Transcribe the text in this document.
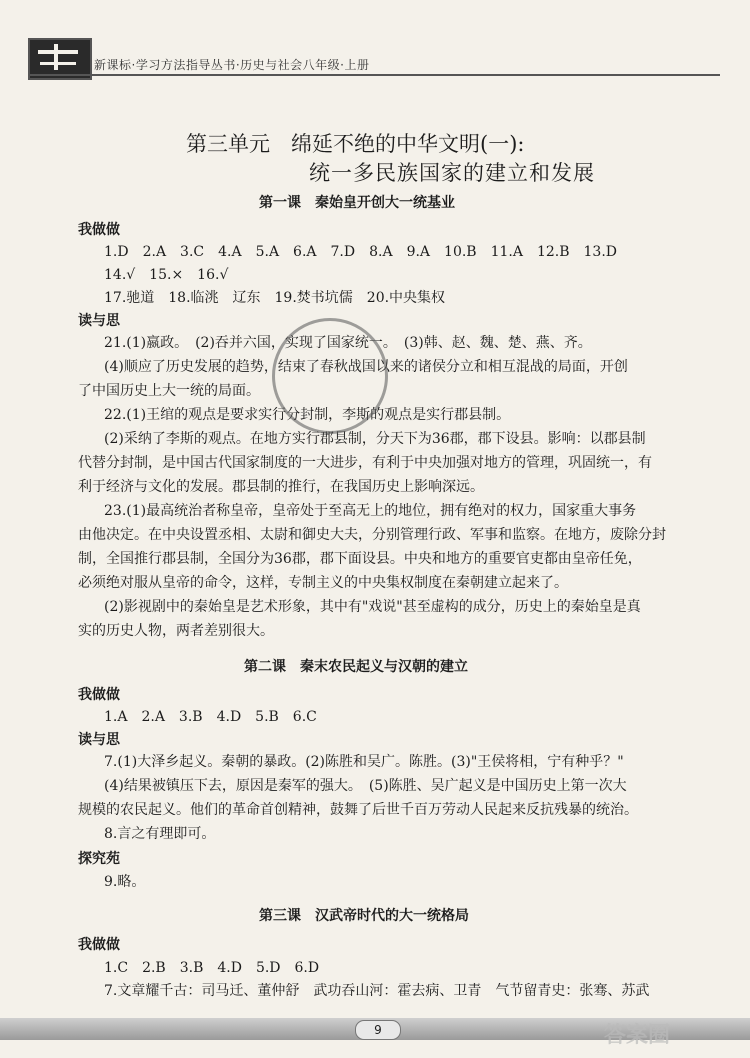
新课标·学习方法指导丛书·历史与社会八年级·上册
第三单元　绵延不绝的中华文明(一):
统一多民族国家的建立和发展
第一课　秦始皇开创大一统基业
我做做
1.D　2.A　3.C　4.A　5.A　6.A　7.D　8.A　9.A　10.B　11.A　12.B　13.D
14.√　15.×　16.√
17.驰道　18.临洮　辽东　19.焚书坑儒　20.中央集权
读与思
21.(1)嬴政。　(2)吞并六国，实现了国家统一。　(3)韩、赵、魏、楚、燕、齐。
(4)顺应了历史发展的趋势，结束了春秋战国以来的诸侯分立和相互混战的局面，开创
了中国历史上大一统的局面。
22.(1)王绾的观点是要求实行分封制，李斯的观点是实行郡县制。
(2)采纳了李斯的观点。在地方实行郡县制，分天下为36郡，郡下设县。影响：以郡县制
代替分封制，是中国古代国家制度的一大进步，有利于中央加强对地方的管理，巩固统一，有
利于经济与文化的发展。郡县制的推行，在我国历史上影响深远。
23.(1)最高统治者称皇帝，皇帝处于至高无上的地位，拥有绝对的权力，国家重大事务
由他决定。在中央设置丞相、太尉和御史大夫，分别管理行政、军事和监察。在地方，废除分封
制，全国推行郡县制，全国分为36郡，郡下面设县。中央和地方的重要官吏都由皇帝任免，
必须绝对服从皇帝的命令，这样，专制主义的中央集权制度在秦朝建立起来了。
(2)影视剧中的秦始皇是艺术形象，其中有"戏说"甚至虚构的成分，历史上的秦始皇是真
实的历史人物，两者差别很大。
第二课　秦末农民起义与汉朝的建立
我做做
1.A　2.A　3.B　4.D　5.B　6.C
读与思
7.(1)大泽乡起义。秦朝的暴政。(2)陈胜和吴广。陈胜。(3)"王侯将相，宁有种乎？"
(4)结果被镇压下去，原因是秦军的强大。　(5)陈胜、吴广起义是中国历史上第一次大
规模的农民起义。他们的革命首创精神，鼓舞了后世千百万劳动人民起来反抗残暴的统治。
8.言之有理即可。
探究苑
9.略。
第三课　汉武帝时代的大一统格局
我做做
1.C　2.B　3.B　4.D　5.D　6.D
7.文章耀千古：司马迁、董仲舒　武功吞山河：霍去病、卫青　气节留青史：张骞、苏武
9	答案圈
